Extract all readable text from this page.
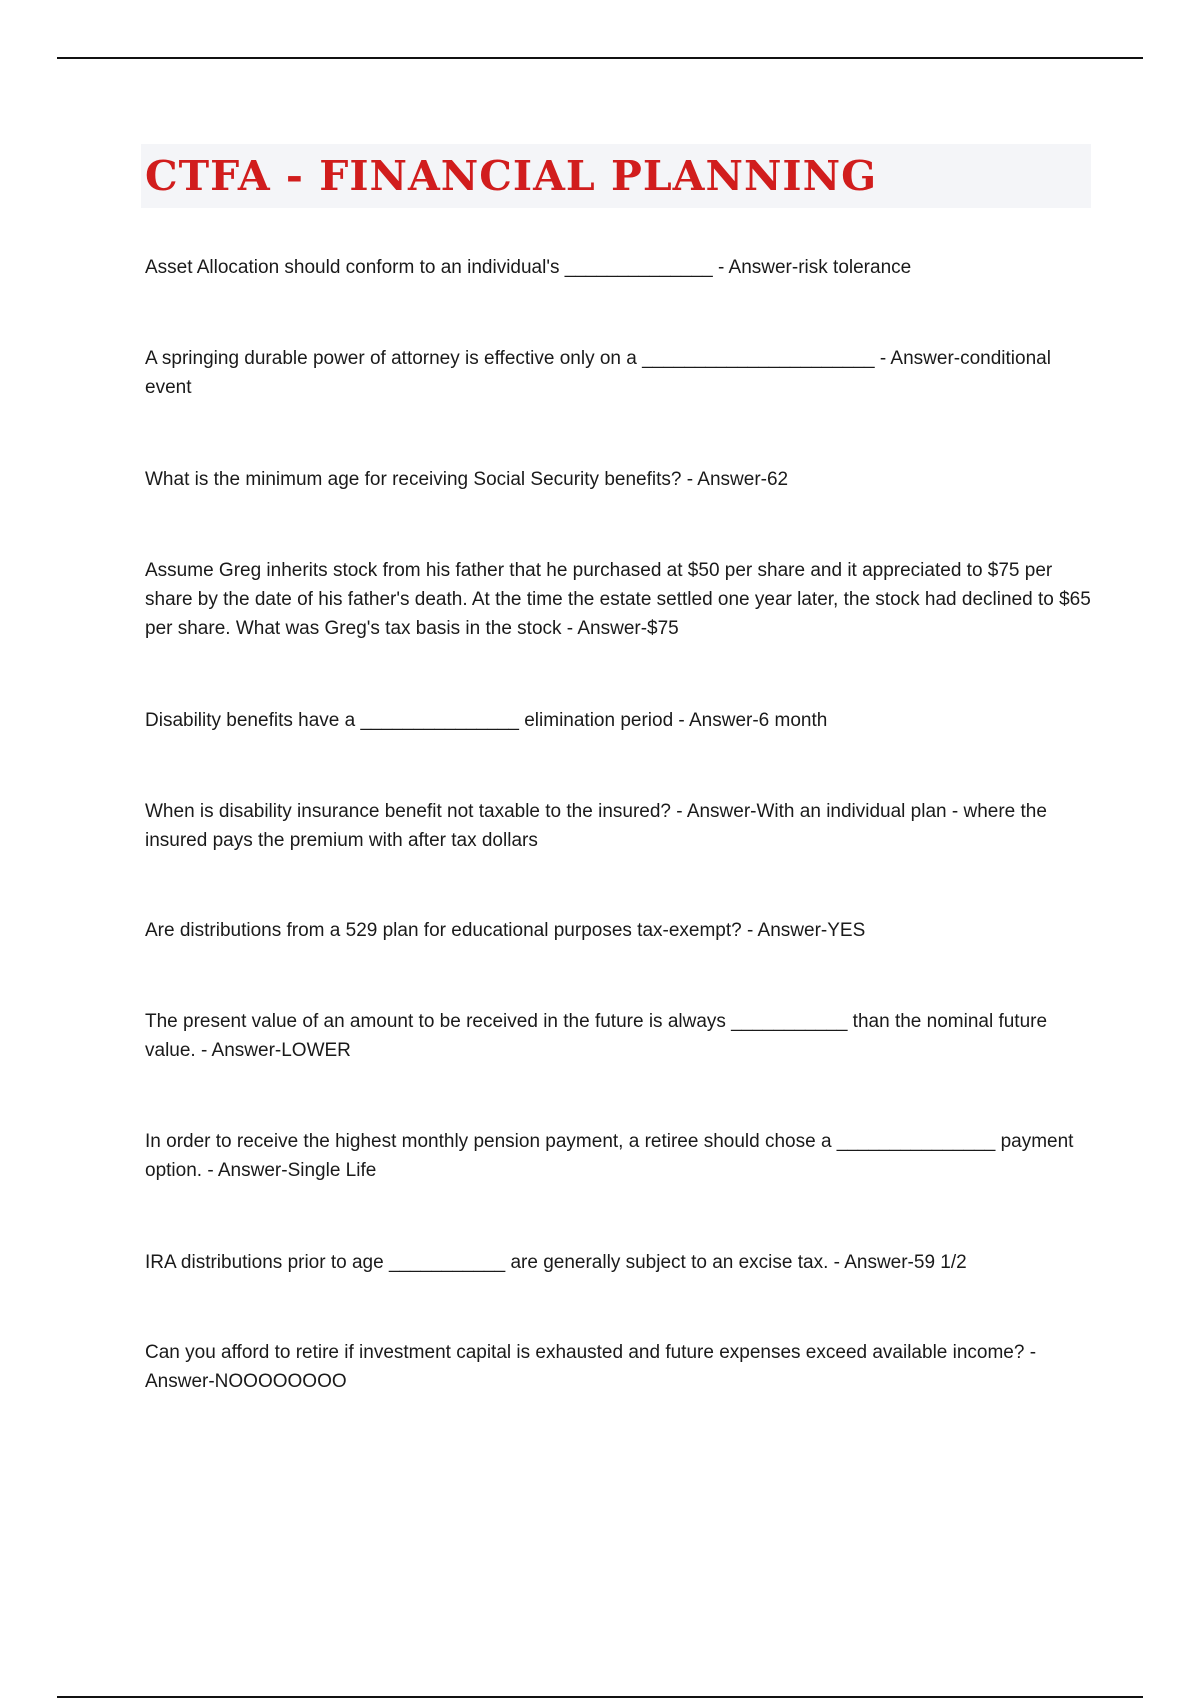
CTFA - FINANCIAL PLANNING

Asset Allocation should conform to an individual's ______________ - Answer-risk tolerance

A springing durable power of attorney is effective only on a ______________________ - Answer-conditional event

What is the minimum age for receiving Social Security benefits? - Answer-62

Assume Greg inherits stock from his father that he purchased at $50 per share and it appreciated to $75 per share by the date of his father's death. At the time the estate settled one year later, the stock had declined to $65 per share. What was Greg's tax basis in the stock - Answer-$75

Disability benefits have a _______________ elimination period - Answer-6 month

When is disability insurance benefit not taxable to the insured? - Answer-With an individual plan - where the insured pays the premium with after tax dollars

Are distributions from a 529 plan for educational purposes tax-exempt? - Answer-YES

The present value of an amount to be received in the future is always ___________ than the nominal future value. - Answer-LOWER

In order to receive the highest monthly pension payment, a retiree should chose a _______________ payment option. - Answer-Single Life

IRA distributions prior to age ___________ are generally subject to an excise tax. - Answer-59 1/2

Can you afford to retire if investment capital is exhausted and future expenses exceed available income? - Answer-NOOOOOOOO
